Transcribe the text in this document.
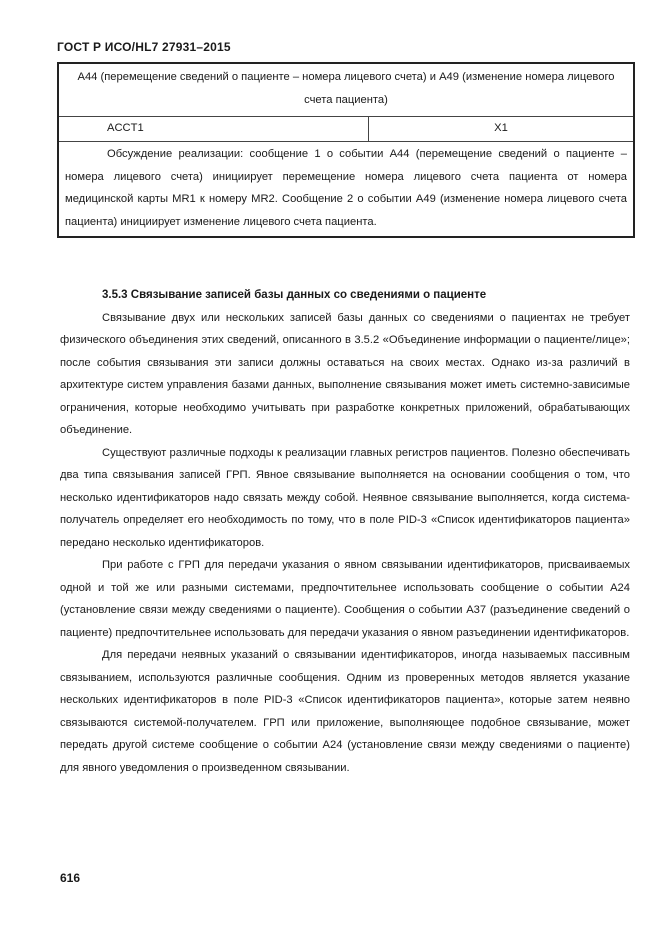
ГОСТ Р ИСО/HL7 27931–2015
А44 (перемещение сведений о пациенте – номера лицевого счета) и А49 (изменение номера лицевого счета пациента)
ACCT1	X1

Обсуждение реализации: сообщение 1 о событии А44 (перемещение сведений о пациенте – номера лицевого счета) инициирует перемещение номера лицевого счета пациента от номера медицинской карты MR1 к номеру MR2. Сообщение 2 о событии А49 (изменение номера лицевого счета пациента) инициирует изменение лицевого счета пациента.

3.5.3 Связывание записей базы данных со сведениями о пациенте

Связывание двух или нескольких записей базы данных со сведениями о пациентах не требует физического объединения этих сведений, описанного в 3.5.2 «Объединение информации о пациенте/лице»; после события связывания эти записи должны оставаться на своих местах. Однако из-за различий в архитектуре систем управления базами данных, выполнение связывания может иметь системно-зависимые ограничения, которые необходимо учитывать при разработке конкретных приложений, обрабатывающих объединение.

Существуют различные подходы к реализации главных регистров пациентов. Полезно обеспечивать два типа связывания записей ГРП. Явное связывание выполняется на основании сообщения о том, что несколько идентификаторов надо связать между собой. Неявное связывание выполняется, когда система-получатель определяет его необходимость по тому, что в поле PID-3 «Список идентификаторов пациента» передано несколько идентификаторов.

При работе с ГРП для передачи указания о явном связывании идентификаторов, присваиваемых одной и той же или разными системами, предпочтительнее использовать сообщение о событии А24 (установление связи между сведениями о пациенте). Сообщения о событии А37 (разъединение сведений о пациенте) предпочтительнее использовать для передачи указания о явном разъединении идентификаторов.

Для передачи неявных указаний о связывании идентификаторов, иногда называемых пассивным связыванием, используются различные сообщения. Одним из проверенных методов является указание нескольких идентификаторов в поле PID-3 «Список идентификаторов пациента», которые затем неявно связываются системой-получателем. ГРП или приложение, выполняющее подобное связывание, может передать другой системе сообщение о событии А24 (установление связи между сведениями о пациенте) для явного уведомления о произведенном связывании.

616
